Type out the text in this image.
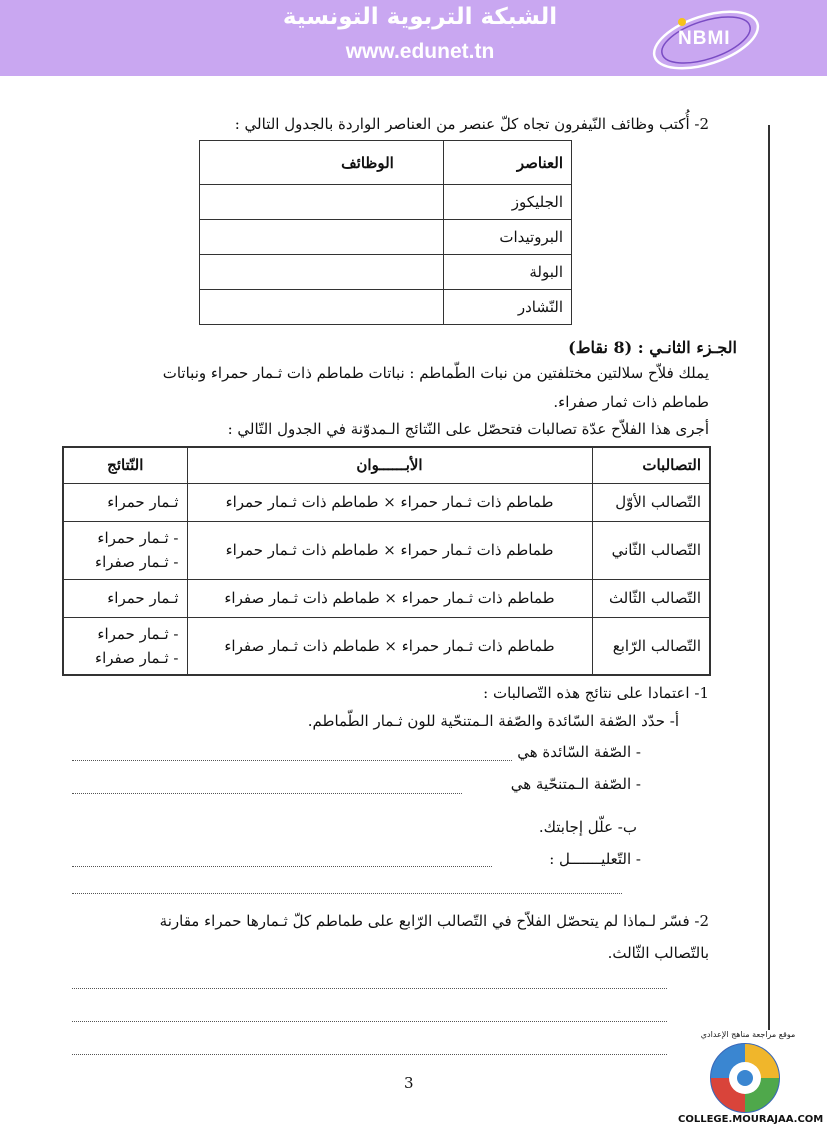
الشبكة التربوية التونسية
www.edunet.tn
NBMI
2- أُكتب وظائف النّيفرون تجاه كلّ عنصر من العناصر الواردة بالجدول التالي :
العناصر	الوظائف
الجليكوز	
البروتيدات	
البولة	
النّشادر	
الجـزء الثانـي : (8 نقاط)
يملك فلاّح سلالتين مختلفتين من نبات الطّماطم : نباتات طماطم ذات ثـمار حمراء ونباتات
طماطم ذات ثمار صفراء.
أجرى هذا الفلاّح عدّة تصالبات فتحصّل على النّتائج الـمدوّنة في الجدول التّالي :
التصالبات	الأبــــــوان	النّتائج
التّصالب الأوّل	طماطم ذات ثـمار حمراء × طماطم ذات ثـمار حمراء	ثـمار حمراء

التّصالب الثّاني	طماطم ذات ثـمار حمراء × طماطم ذات ثـمار حمراء	- ثـمار حمراء
- ثـمار صفراء

التّصالب الثّالث	طماطم ذات ثـمار حمراء × طماطم ذات ثـمار صفراء	ثـمار حمراء

التّصالب الرّابع	طماطم ذات ثـمار حمراء × طماطم ذات ثـمار صفراء	- ثـمار حمراء
- ثـمار صفراء
1- اعتمادا على نتائج هذه التّصالبات :
أ- حدّد الصّفة السّائدة والصّفة الـمتنحّية للون ثـمار الطّماطم.
- الصّفة السّائدة هي
- الصّفة الـمتنحّية هي
ب- علّل إجابتك.
- التّعليـــــــل :
2- فسّر لـماذا لم يتحصّل الفلاّح في التّصالب الرّابع على طماطم كلّ ثـمارها حمراء مقارنة
بالتّصالب الثّالث.
3
موقع مراجعة مناهج الإعدادي
COLLEGE.MOURAJAA.COM
